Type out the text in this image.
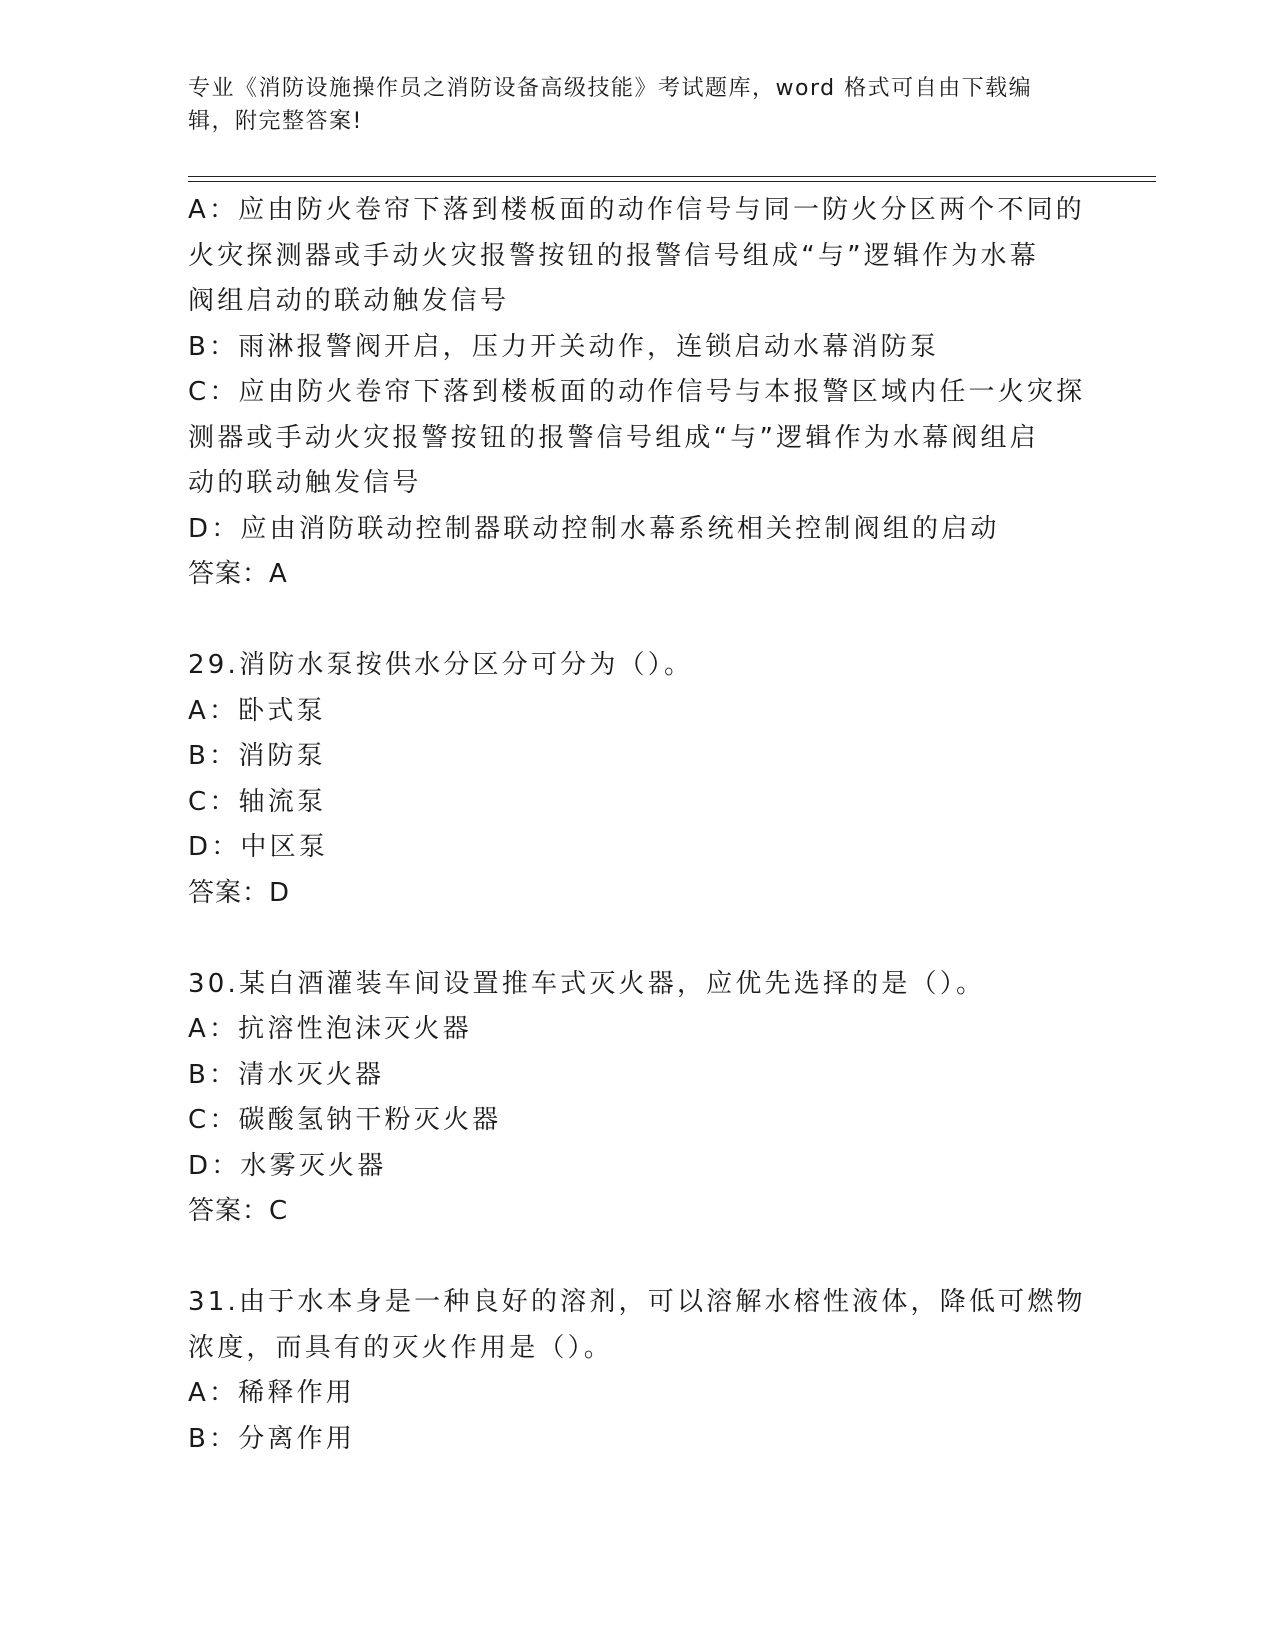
专业《消防设施操作员之消防设备高级技能》考试题库，word 格式可自由下载编
辑，附完整答案!
A：应由防火卷帘下落到楼板面的动作信号与同一防火分区两个不同的
火灾探测器或手动火灾报警按钮的报警信号组成“与”逻辑作为水幕
阀组启动的联动触发信号
B：雨淋报警阀开启，压力开关动作，连锁启动水幕消防泵
C：应由防火卷帘下落到楼板面的动作信号与本报警区域内任一火灾探
测器或手动火灾报警按钮的报警信号组成“与”逻辑作为水幕阀组启
动的联动触发信号
D：应由消防联动控制器联动控制水幕系统相关控制阀组的启动
答案：A
29.消防水泵按供水分区分可分为（）。
A：卧式泵
B：消防泵
C：轴流泵
D：中区泵
答案：D
30.某白酒灌装车间设置推车式灭火器，应优先选择的是（）。
A：抗溶性泡沫灭火器
B：清水灭火器
C：碳酸氢钠干粉灭火器
D：水雾灭火器
答案：C
31.由于水本身是一种良好的溶剂，可以溶解水榕性液体，降低可燃物
浓度，而具有的灭火作用是（）。
A：稀释作用
B：分离作用
